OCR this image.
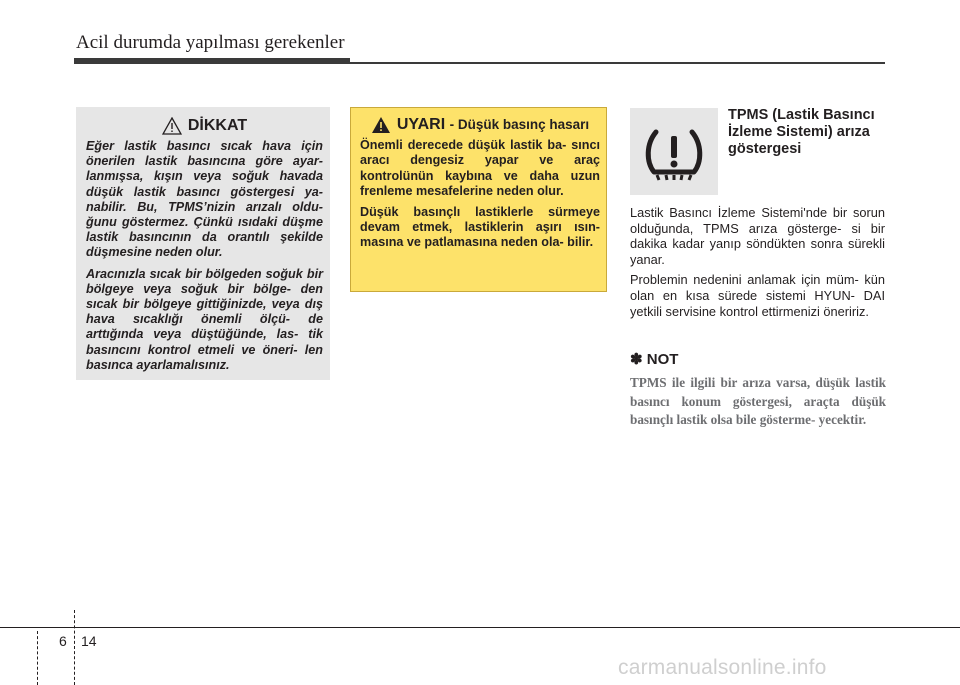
Acil durumda yapılması gerekenler
DİKKAT

Eğer lastik basıncı sıcak hava için önerilen lastik basıncına göre ayar- lanmışsa, kışın veya soğuk havada düşük lastik basıncı göstergesi ya- nabilir. Bu, TPMS’nizin arızalı oldu- ğunu göstermez. Çünkü ısıdaki düşme lastik basıncının da orantılı şekilde düşmesine neden olur.

Aracınızla sıcak bir bölgeden soğuk bir bölgeye veya soğuk bir bölge- den sıcak bir bölgeye gittiğinizde, veya dış hava sıcaklığı önemli ölçü- de arttığında veya düştüğünde, las- tik basıncını kontrol etmeli ve öneri- len basınca ayarlamalısınız.

UYARI - Düşük basınç hasarı

Önemli derecede düşük lastik ba- sıncı aracı dengesiz yapar ve araç kontrolünün kaybına ve daha uzun frenleme mesafelerine neden olur.

Düşük basınçlı lastiklerle sürmeye devam etmek, lastiklerin aşırı ısın- masına ve patlamasına neden ola- bilir.

TPMS (Lastik Basıncı İzleme Sistemi) arıza göstergesi

Lastik Basıncı İzleme Sistemi'nde bir sorun olduğunda, TPMS arıza gösterge- si bir dakika kadar yanıp söndükten sonra sürekli yanar.

Problemin nedenini anlamak için müm- kün olan en kısa sürede sistemi HYUN- DAI yetkili servisine kontrol ettirmenizi öneririz.

✽ NOT

TPMS ile ilgili bir arıza varsa, düşük lastik basıncı konum göstergesi, araçta düşük basınçlı lastik olsa bile gösterme- yecektir.

6 14
carmanualsonline.info
